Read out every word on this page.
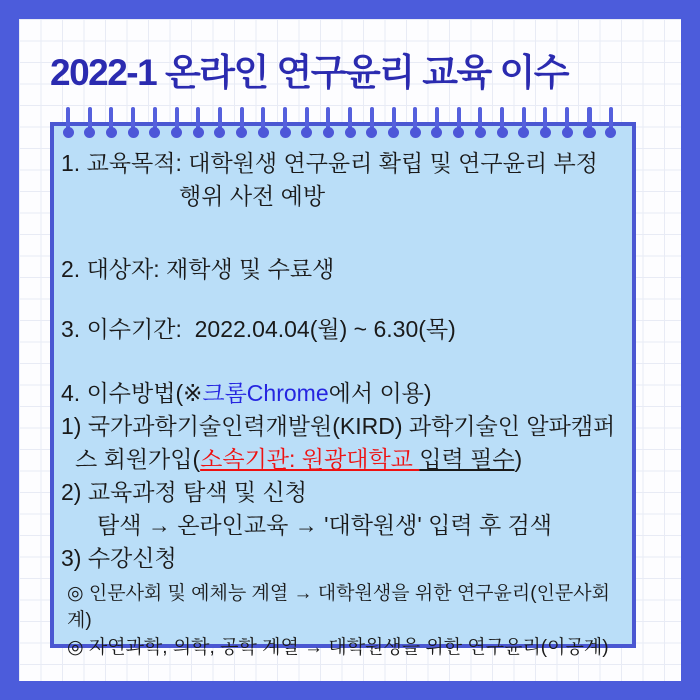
2022-1 온라인 연구윤리 교육 이수
1. 교육목적: 대학원생 연구윤리 확립 및 연구윤리 부정
행위 사전 예방
2. 대상자: 재학생 및 수료생
3. 이수기간:  2022.04.04(월) ~ 6.30(목)
4. 이수방법(※크롬Chrome에서 이용)
1) 국가과학기술인력개발원(KIRD) 과학기술인 알파캠퍼
스 회원가입(소속기관: 원광대학교 입력 필수)
2) 교육과정 탐색 및 신청
탐색 → 온라인교육 → '대학원생' 입력 후 검색
3) 수강신청
◎ 인문사회 및 예체능 계열 → 대학원생을 위한 연구윤리(인문사회계)
◎ 자연과학, 의학, 공학 계열 → 대학원생을 위한 연구윤리(이공계)
